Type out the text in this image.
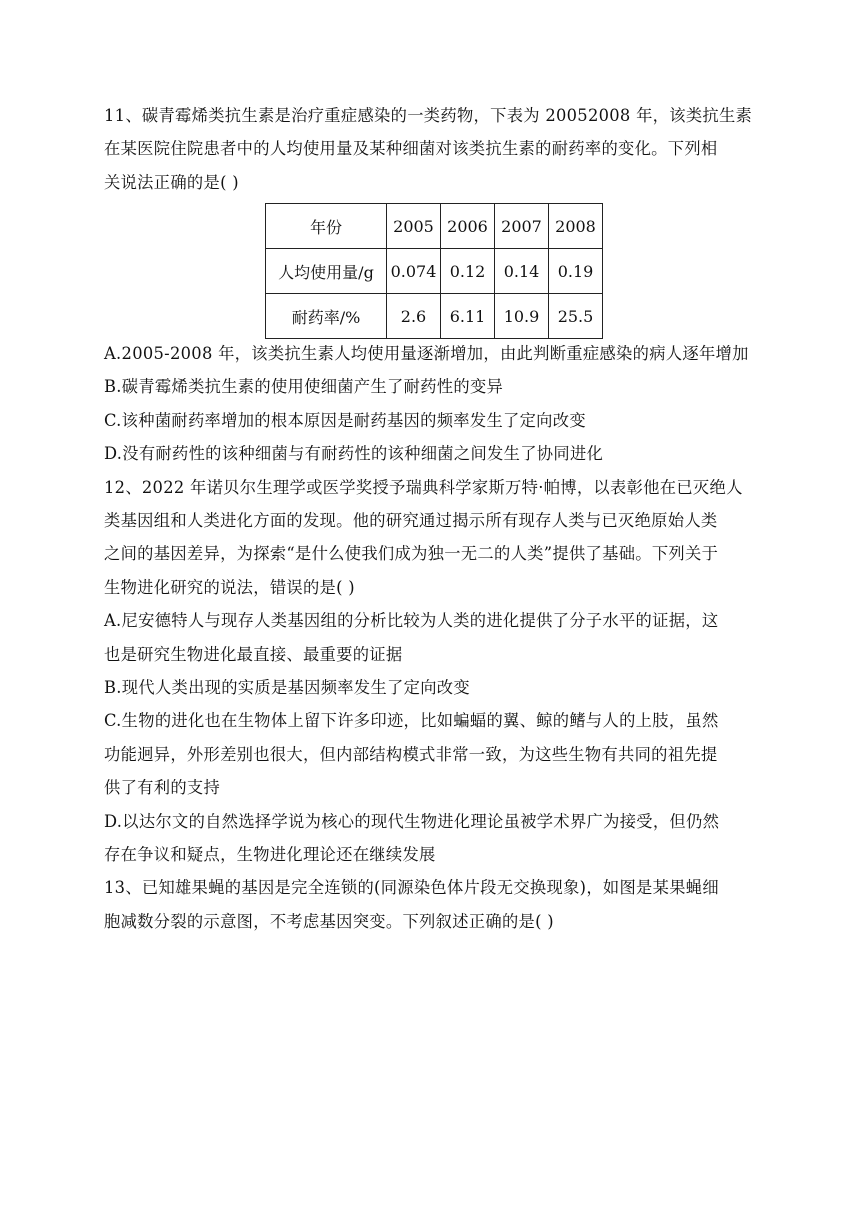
11、碳青霉烯类抗生素是治疗重症感染的一类药物，下表为 20052008 年，该类抗生素
在某医院住院患者中的人均使用量及某种细菌对该类抗生素的耐药率的变化。下列相
关说法正确的是( )
年份	2005	2006	2007	2008
人均使用量/g	0.074	0.12	0.14	0.19
耐药率/%	2.6	6.11	10.9	25.5
A.2005-2008 年，该类抗生素人均使用量逐渐增加，由此判断重症感染的病人逐年增加
B.碳青霉烯类抗生素的使用使细菌产生了耐药性的变异
C.该种菌耐药率增加的根本原因是耐药基因的频率发生了定向改变
D.没有耐药性的该种细菌与有耐药性的该种细菌之间发生了协同进化
12、2022 年诺贝尔生理学或医学奖授予瑞典科学家斯万特·帕博，以表彰他在已灭绝人
类基因组和人类进化方面的发现。他的研究通过揭示所有现存人类与已灭绝原始人类
之间的基因差异，为探索“是什么使我们成为独一无二的人类”提供了基础。下列关于
生物进化研究的说法，错误的是( )
A.尼安德特人与现存人类基因组的分析比较为人类的进化提供了分子水平的证据，这
也是研究生物进化最直接、最重要的证据
B.现代人类出现的实质是基因频率发生了定向改变
C.生物的进化也在生物体上留下许多印迹，比如蝙蝠的翼、鲸的鳍与人的上肢，虽然
功能迥异，外形差别也很大，但内部结构模式非常一致，为这些生物有共同的祖先提
供了有利的支持
D.以达尔文的自然选择学说为核心的现代生物进化理论虽被学术界广为接受，但仍然
存在争议和疑点，生物进化理论还在继续发展
13、已知雄果蝇的基因是完全连锁的(同源染色体片段无交换现象)，如图是某果蝇细
胞减数分裂的示意图，不考虑基因突变。下列叙述正确的是( )
